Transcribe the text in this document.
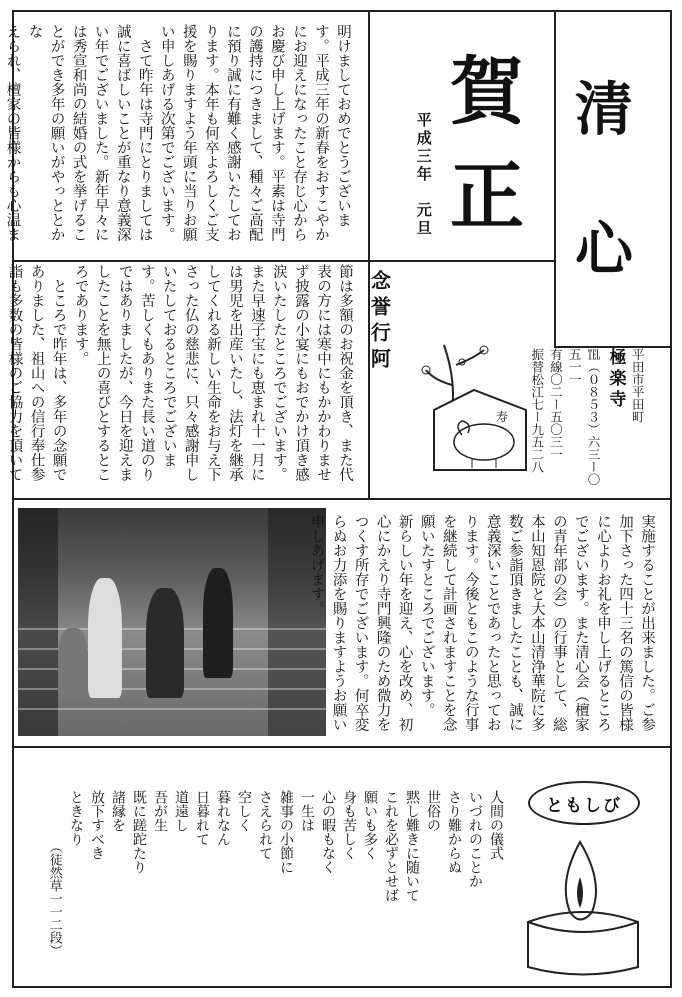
清
心
賀
正
平成三年　元旦
明けましておめでとうございま
す。平成三年の新春をおすこやか
にお迎えになったこと存じ心から
お慶び申し上げます。平素は寺門
の護持につきまして、種々ご高配
に預り誠に有難く感謝いたしてお
ります。本年も何卒よろしくご支
援を賜りますよう年頭に当りお願
い申しあげる次第でございます。
　さて昨年は寺門にとりましては
誠に喜ばしいことが重なり意義深
い年でございました。新年早々に
は秀宣和尚の結婚の式を挙げるこ
とができ多年の願いがやっととかな
えられ、檀家の皆様からも心温ま

念誉行阿
節は多額のお祝金を頂き、また代
表の方には寒中にもかかわりませ
ず披露の小宴にもおでかけ頂き感
涙いたしたところでございます。
また早速子宝にも恵まれ十一月に
は男児を出産いたし、法灯を継承
してくれる新しい生命をお与え下
さった仏の慈悲に、只々感謝申し
いたしておるところでございま
す。苦しくもありまた長い道のり
ではありましたが、今日を迎えま
したことを無上の喜びとするとこ
ろであります。
　ところで昨年は、多年の念願で
ありました、祖山への信行奉仕参
詣も多数の皆様のご協力を頂いて	寿	平田市平田町
極楽寺
℡（０８５３）六三ー〇五一一
有線〇二ー五〇三一
振替松江七ー九五二八

実施することが出来ました。ご参
加下さった四十三名の篤信の皆様
に心よりお礼を申し上げるところ
でございます。また清心会（檀家
の青年部の会）の行事として、総
本山知恩院と大本山清浄華院に多
数ご参詣頂きましたことも、誠に
意義深いことであったと思ってお
ります。今後ともこのような行事
を継続して計画されますことを念
願いたすところでございます。
新らしい年を迎え、心を改め、初
心にかえり寺門興隆のため微力を
つくす所存でございます。何卒変
らぬお力添を賜りますようお願い
申しあげます。
ともしび
人間の儀式
いづれのことか
さり難からぬ
世俗の
黙し難きに随いて
これを必ずとせば
願いも多く
身も苦しく
心の暇もなく
一生は
雑事の小節に
さえられて
空しく
暮れなん
日暮れて
道遠し
吾が生
既に蹉跎たり
諸縁を
放下すべき
ときなり
（徒然草一一二段）
